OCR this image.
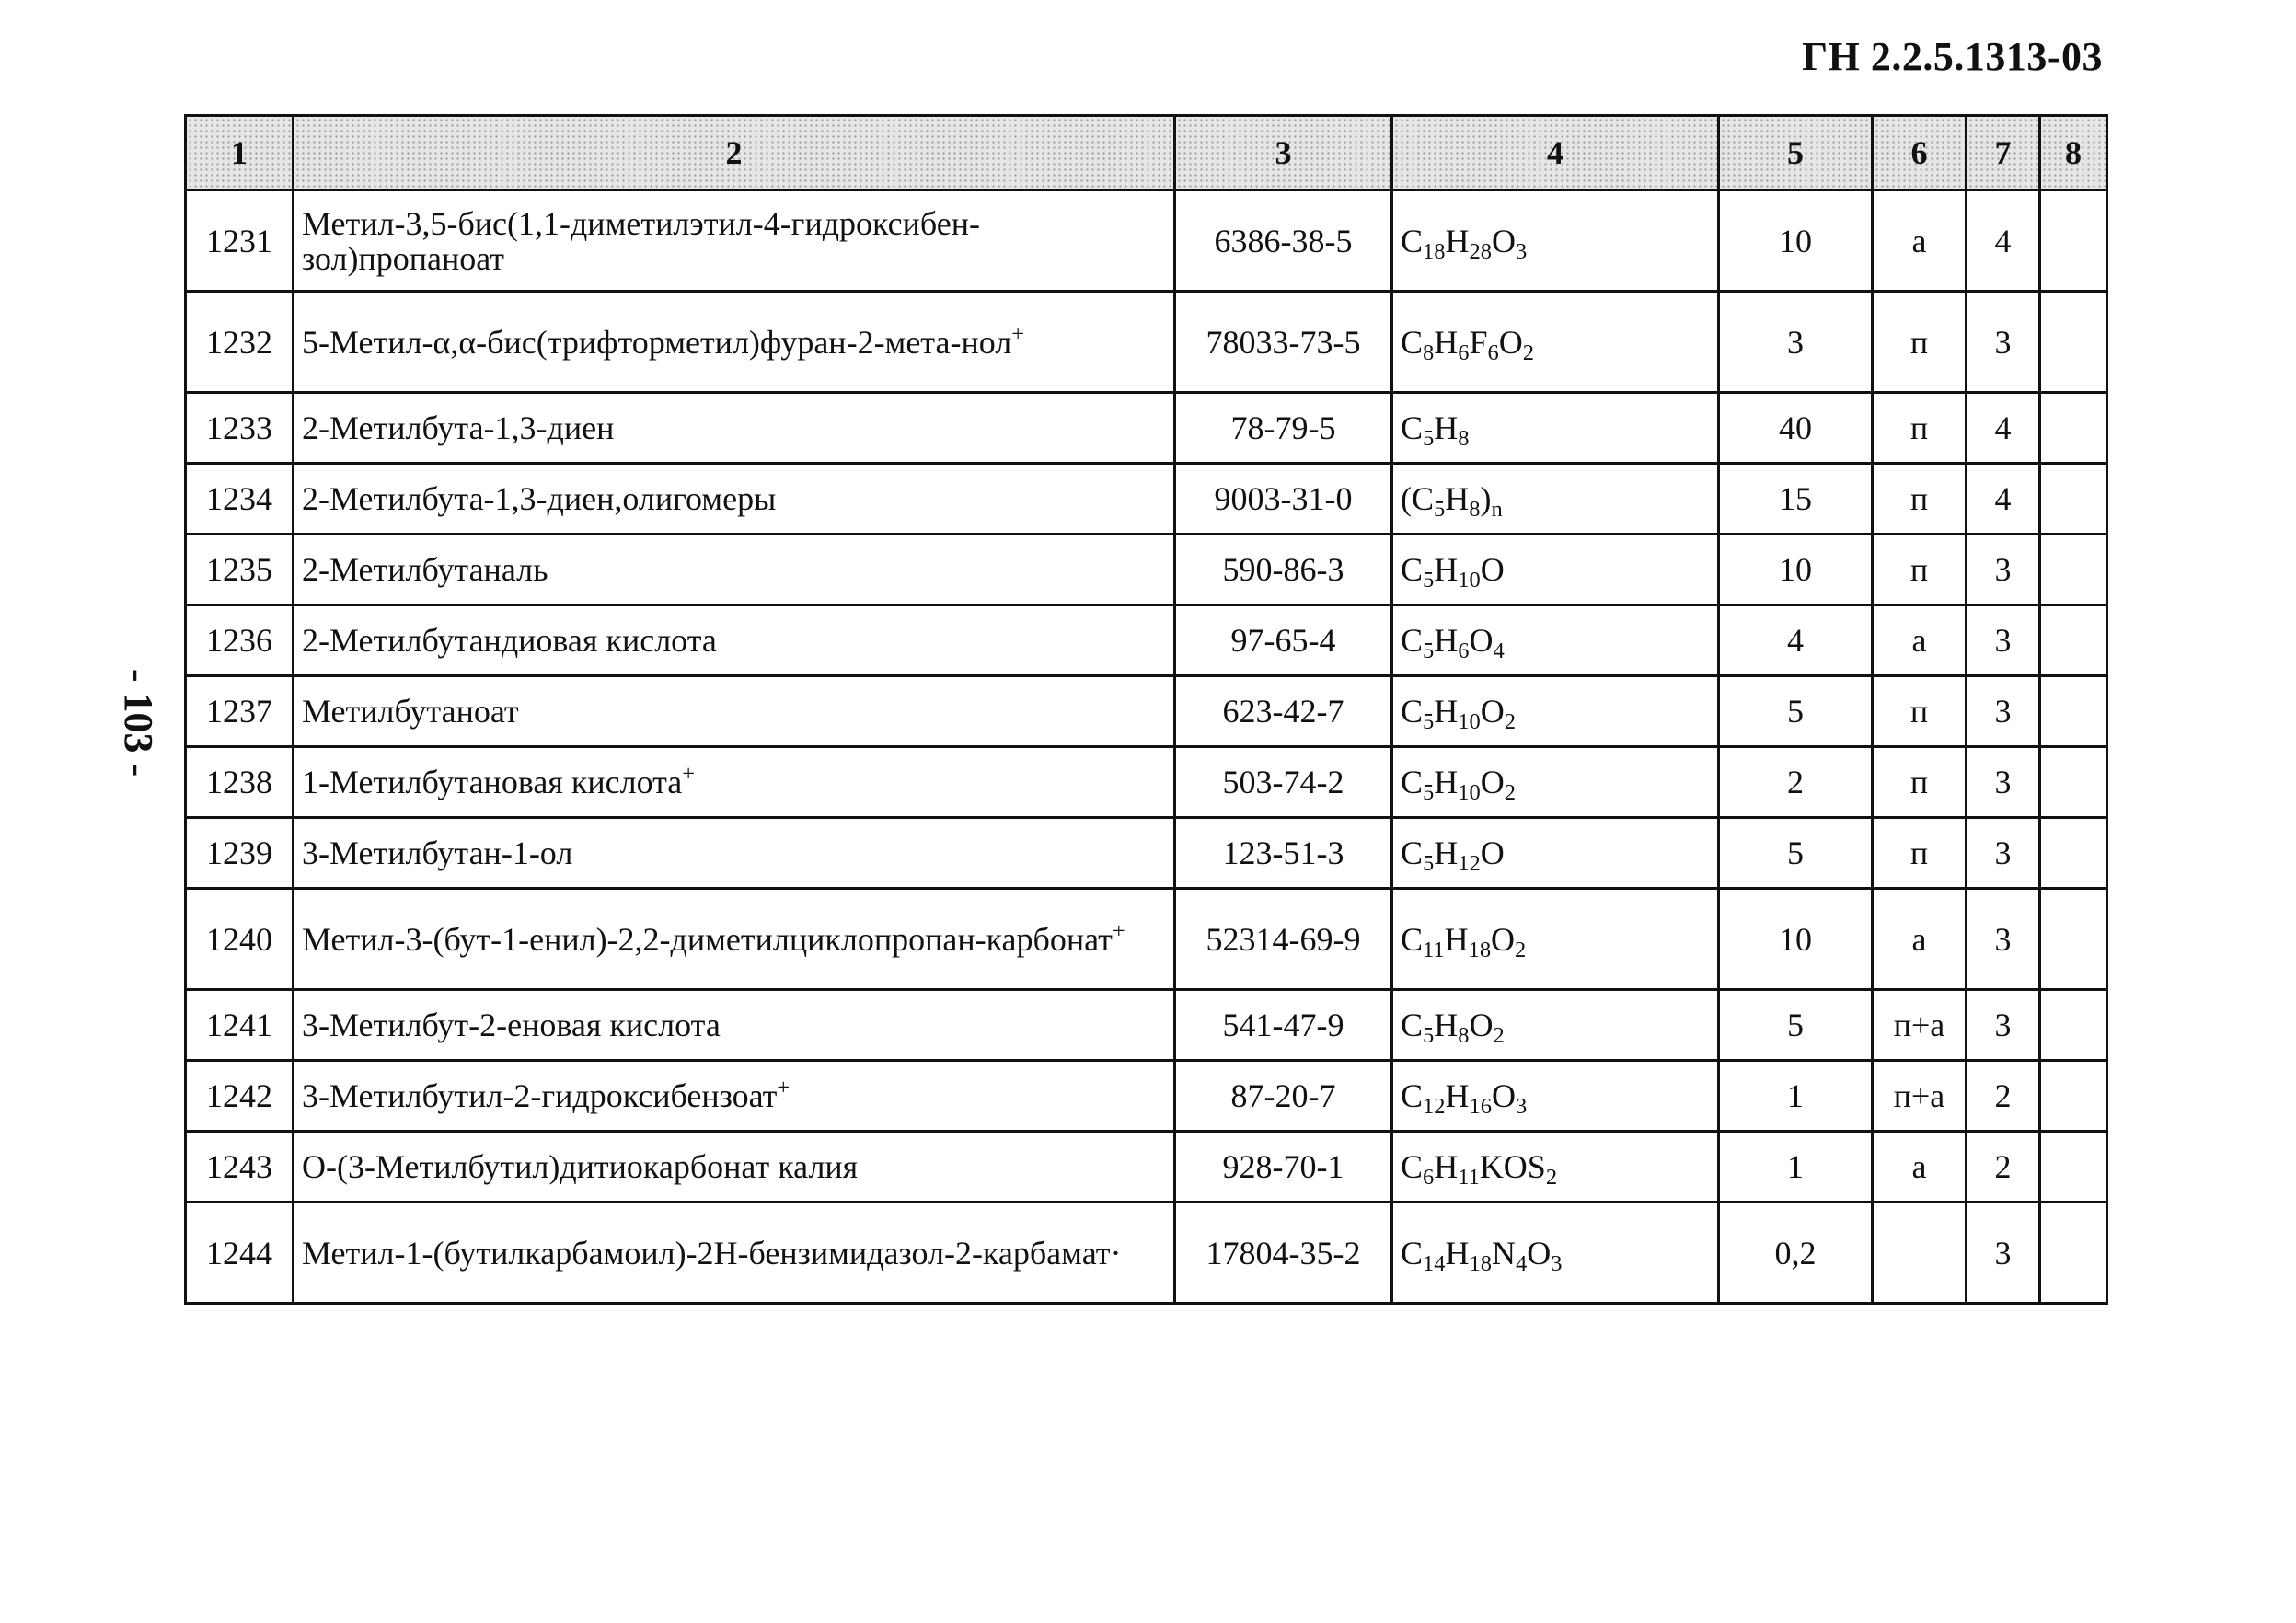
ГН 2.2.5.1313-03
- 103 -
1	2	3	4	5	6	7	8
1231	Метил-3,5-бис(1,1-диметилэтил-4-гидроксибен-зол)пропаноат	6386-38-5	$C_{18}H_{28}O_3$	10	а	4	
1232	5-Метил-α,α-бис(трифторметил)фуран-2-мета-нол+	78033-73-5	$C_8H_6F_6O_2$	3	п	3	
1233	2-Метилбута-1,3-диен	78-79-5	$C_5H_8$	40	п	4	
1234	2-Метилбута-1,3-диен,олигомеры	9003-31-0	$(C_5H_8)_n$	15	п	4	
1235	2-Метилбутаналь	590-86-3	$C_5H_{10}O$	10	п	3	
1236	2-Метилбутандиовая кислота	97-65-4	$C_5H_6O_4$	4	а	3	
1237	Метилбутаноат	623-42-7	$C_5H_{10}O_2$	5	п	3	
1238	1-Метилбутановая кислота+	503-74-2	$C_5H_{10}O_2$	2	п	3	
1239	3-Метилбутан-1-ол	123-51-3	$C_5H_{12}O$	5	п	3	
1240	Метил-3-(бут-1-енил)-2,2-диметилциклопропан-карбонат+	52314-69-9	$C_{11}H_{18}O_2$	10	а	3	
1241	3-Метилбут-2-еновая кислота	541-47-9	$C_5H_8O_2$	5	п+а	3	
1242	3-Метилбутил-2-гидроксибензоат+	87-20-7	$C_{12}H_{16}O_3$	1	п+а	2	
1243	О-(3-Метилбутил)дитиокарбонат калия	928-70-1	$C_6H_{11}KOS_2$	1	а	2	
1244	Метил-1-(бутилкарбамоил)-2Н-бензимидазол-2-карбамат·	17804-35-2	$C_{14}H_{18}N_4O_3$	0,2		3	
